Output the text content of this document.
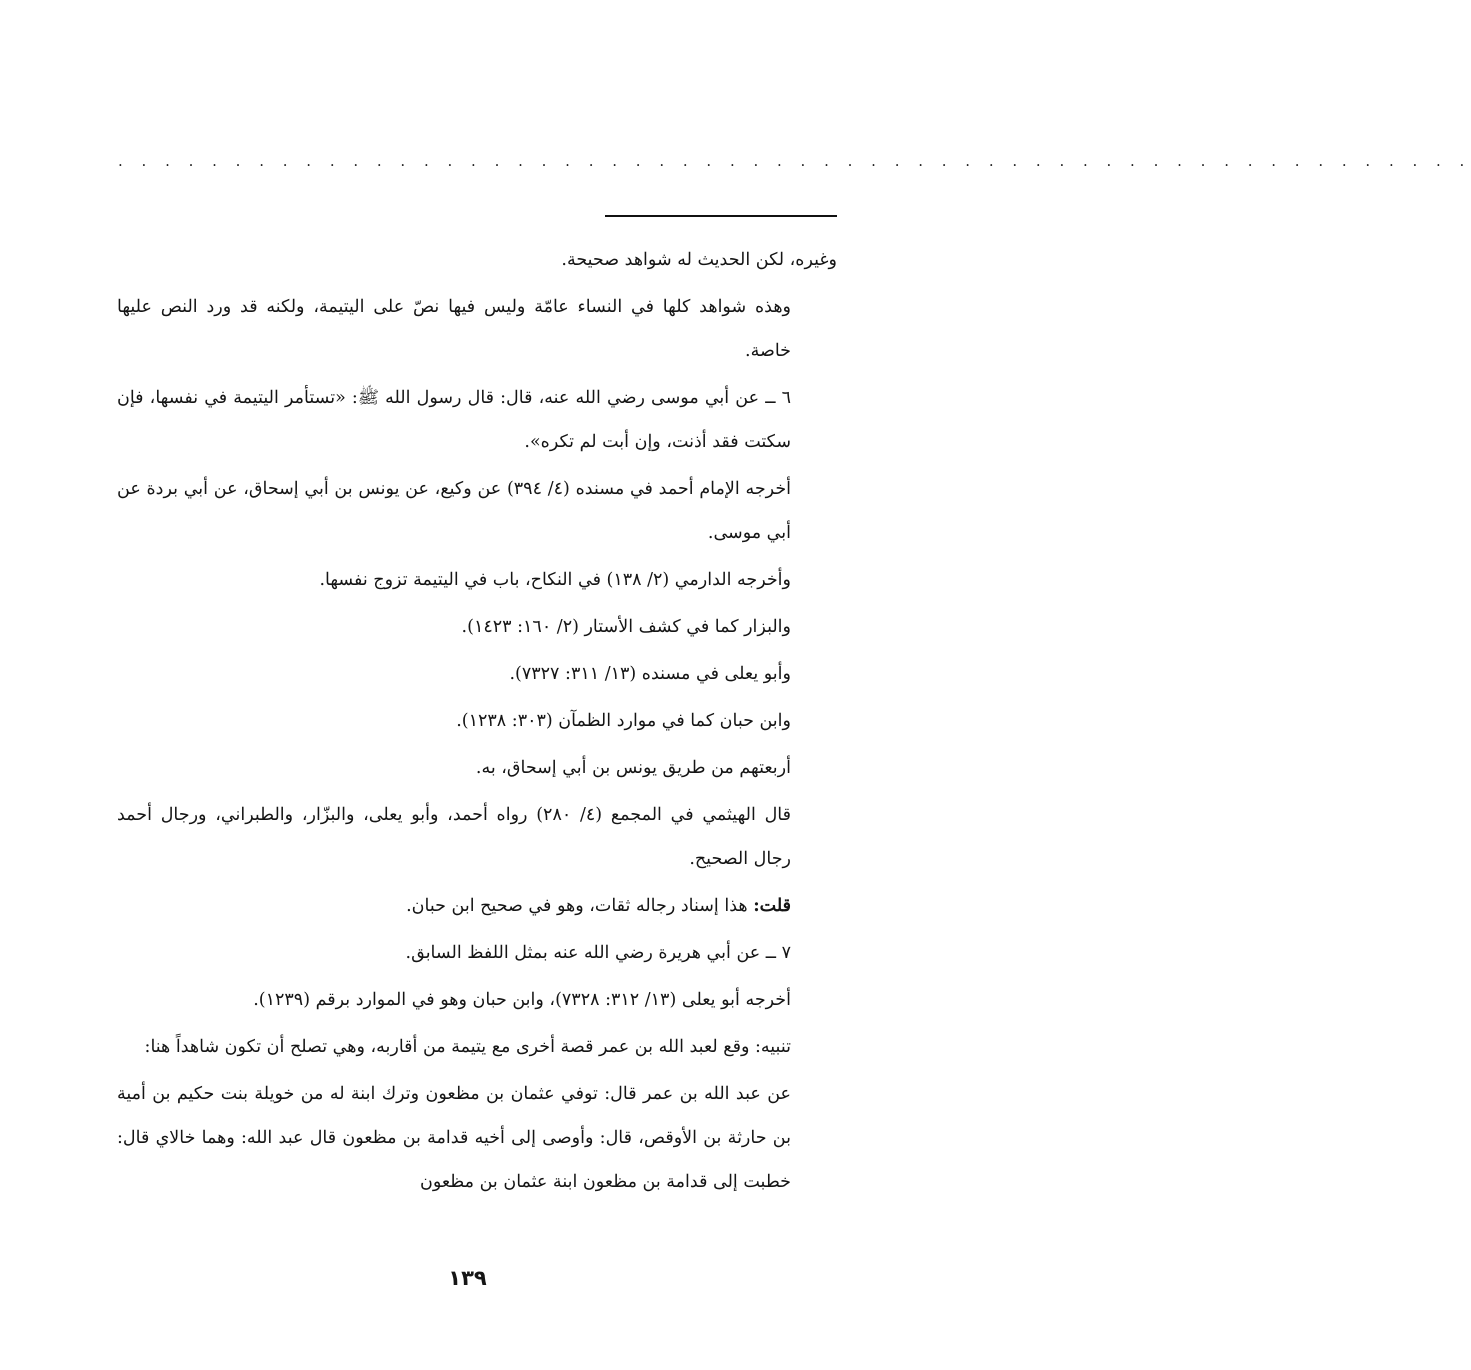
. . . . . . . . . . . . . . . . . . . . . . . . . . . . . . . . . . . . . . . . . . . . . . . . . . . . . . . . . .

وغيره، لكن الحديث له شواهد صحيحة.

وهذه شواهد كلها في النساء عامّة وليس فيها نصّ على اليتيمة، ولكنه قد ورد النص عليها خاصة.

٦ ــ عن أبي موسى رضي الله عنه، قال: قال رسول الله ﷺ: «تستأمر اليتيمة في نفسها، فإن سكتت فقد أذنت، وإن أبت لم تكره».

أخرجه الإمام أحمد في مسنده (٤/ ٣٩٤) عن وكيع، عن يونس بن أبي إسحاق، عن أبي بردة عن أبي موسى.

وأخرجه الدارمي (٢/ ١٣٨) في النكاح، باب في اليتيمة تزوج نفسها.

والبزار كما في كشف الأستار (٢/ ١٦٠: ١٤٢٣).

وأبو يعلى في مسنده (١٣/ ٣١١: ٧٣٢٧).

وابن حبان كما في موارد الظمآن (٣٠٣: ١٢٣٨).

أربعتهم من طريق يونس بن أبي إسحاق، به.

قال الهيثمي في المجمع (٤/ ٢٨٠) رواه أحمد، وأبو يعلى، والبزّار، والطبراني، ورجال أحمد رجال الصحيح.

قلت: هذا إسناد رجاله ثقات، وهو في صحيح ابن حبان.

٧ ــ عن أبي هريرة رضي الله عنه بمثل اللفظ السابق.

أخرجه أبو يعلى (١٣/ ٣١٢: ٧٣٢٨)، وابن حبان وهو في الموارد برقم (١٢٣٩).

تنبيه: وقع لعبد الله بن عمر قصة أخرى مع يتيمة من أقاربه، وهي تصلح أن تكون شاهداً هنا:

عن عبد الله بن عمر قال: توفي عثمان بن مظعون وترك ابنة له من خويلة بنت حكيم بن أمية بن حارثة بن الأوقص، قال: وأوصى إلى أخيه قدامة بن مظعون قال عبد الله: وهما خالاي قال: خطبت إلى قدامة بن مظعون ابنة عثمان بن مظعون

١٣٩
